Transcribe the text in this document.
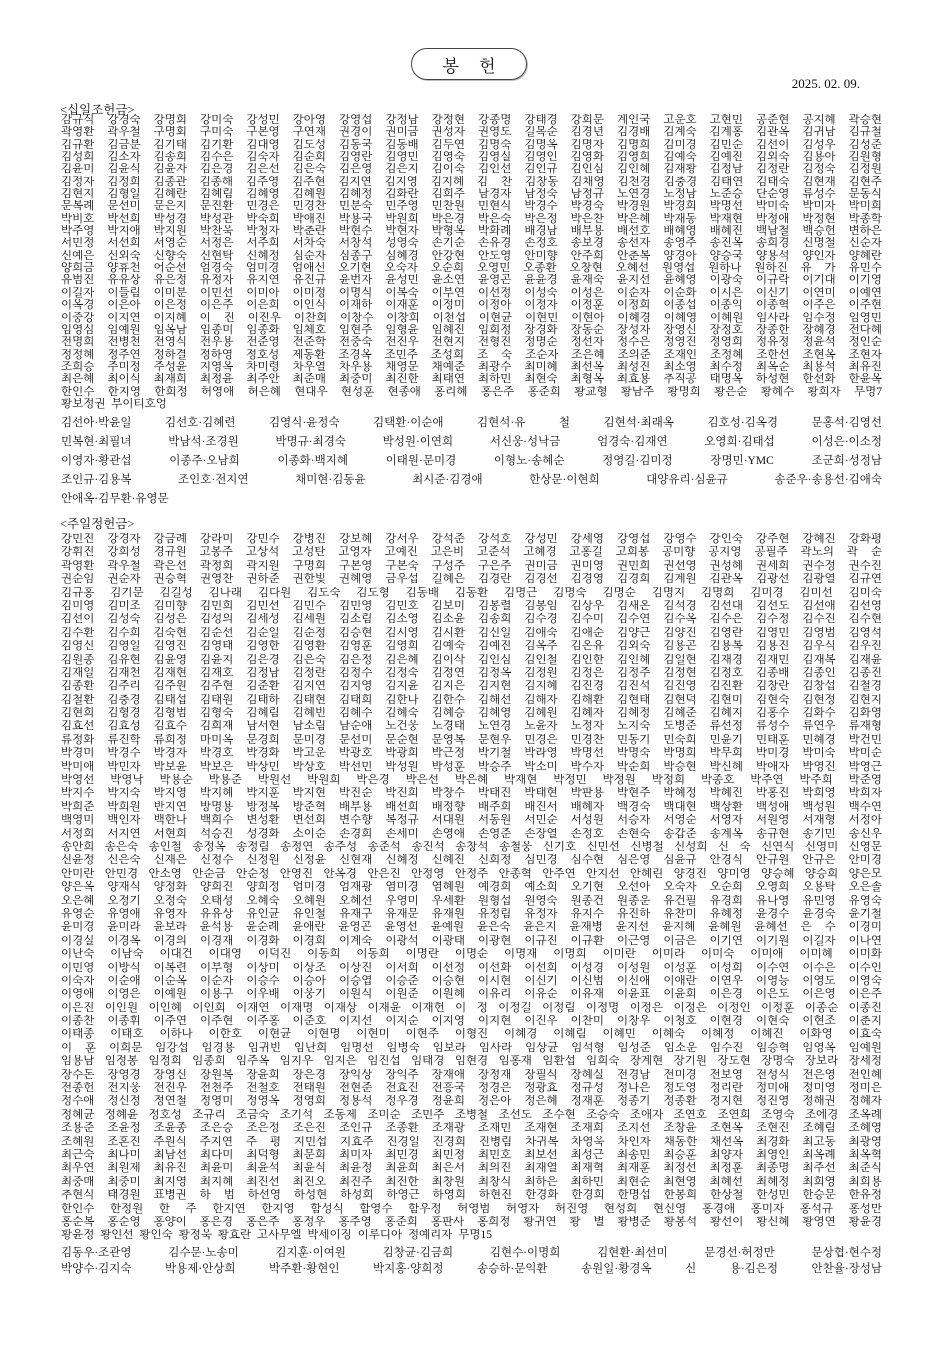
봉 헌
2025. 02. 09.
<십일조헌금>
감규식 강경숙 강명희 강미숙 강성민 강아영 강영섭 강정남 강정현 강종명 강태경 강희문 계인국 고운호 고현민 공준현 공지혜 곽승현
곽영환 곽우철 구명회 구미숙 구본영 구연재 권경이 권미금 권성자 권영도 길목순 김경년 김경배 김계숙 김계홍 김관옥 김귀남 김규철
김규환 김금분 김기태 김기환 김대영 김도성 김동국 김동배 김두연 김명숙 김명옥 김명자 김명희 김미경 김민순 김선이 김성우 김성준
김성희 김소자 김송희 김수은 김숙자 김순희 김영란 김영민 김영숙 김영실 김영인 김영화 김영희 김예숙 김예진 김외숙 김용아 김원형
김윤미 김윤식 김윤자 김은경 김은선 김은숙 김은영 김은지 김이숙 김인선 김인규 김인심 김인혜 김재황 김정남 김정란 김정숙 김정원
김정자 김정희 김종관 김종해 김주영 김주현 김지연 김지영 김지혜 김 찬 김창동 김채영 김천경 김충경 김태연 김태숙 김현재 김현주
김현지 김형일 김혜란 김혜림 김혜영 김혜원 김혜정 김화란 김희주 남경자 남정숙 남정규 노연경 노정남 노준승 단순영 류성수 문동식
문복례 문선미 문은지 문진환 민경은 민경찬 민분숙 민주영 민찬원 민현식 박경수 박경숙 박경원 박경희 박명선 박미숙 박미자 박미희
박비호 박선희 박성경 박성관 박숙희 박애진 박용국 박원희 박은경 박은숙 박은정 박은찬 박은혜 박재동 박재현 박정애 박정현 박종학
박주영 박지애 박지원 박찬욱 박청자 박춘란 박현수 박현자 박형옥 박화례 배경남 배부용 배선호 배혜영 배혜진 백남철 백승헌 변하은
서민정 서선희 서영순 서정은 서주희 서차숙 서창석 성영숙 손기순 손유경 손정호 송보경 송선자 송영주 송진옥 송희경 신명철 신순자
신예은 신외숙 신향숙 신현탁 신혜정 심순자 심종구 심혜경 안강현 안도영 안미향 안주희 안춘복 양경아 양승국 양용석 양인자 양혜란
양희금 양휴천 어순선 엄경숙 엄미경 엄애신 오기현 오숙자 오순희 오영민 오종환 오창현 오혜선 원영섭 원하나 원하진 유 가 유민수
유범진 유유상 유은정 유정자 유지연 유진규 윤번자 윤성민 윤소연 윤영곤 윤윤경 윤재숙 윤지선 윤혜영 이광숙 이규락 이기대 이기영
이길자 이들림 이미분 이민선 이미아 이미정 이명식 이복숙 이부연 이선정 이성숙 이성은 이순자 이순화 이시은 이신기 이연미 이예연
이옥경 이은아 이은정 이은주 이은희 이인식 이재하 이재훈 이정미 이정아 이정자 이정훈 이정희 이종섭 이종익 이종혁 이주은 이주현
이중강 이지연 이지혜 이 진 이진우 이찬희 이창수 이창희 이천섭 이현균 이현민 이현아 이혜경 이혜영 이혜원 임사라 임수정 임영민
임영심 임예원 임옥남 임종미 임종화 임체호 임현주 임형윤 임혜진 임희정 장경화 장동순 장성자 장영신 장정호 장종한 장혜경 전다혜
전명희 전병천 전영식 전우용 전준영 전준학 전중숙 전진우 전현지 전형진 정명순 정선자 정수은 정영진 정영희 정유정 정윤석 정인순
정정혜 정주연 정하결 정하영 정호성 제동환 조경옥 조민주 조성희 조 숙 조순자 조은혜 조의준 조재인 조정혜 조한선 조현옥 조현자
조희승 주미정 주성윤 지영옥 차미령 차우열 차우용 채영문 채예준 최광수 최미혜 최선옥 최성진 최소영 최수정 최옥순 최용석 최유진
최은혜 최이식 최재희 최정윤 최주안 최준매 최중미 최진한 최태연 최하민 최현숙 최형옥 최효용 추직공 태명옥 하성현 한선화 한윤옥
한인수 한지영 한희정 허영애 허은혜 현대우 현성훈 현종애 홍리혜 홍은주 홍준희 황교형 황남주 황명희 황은순 황혜수 황희자 무명7
황보정권 부이티호엉
김선아·박윤일 김선호·김혜련 김영식·윤정숙 김택환·이순애 김현석·유 철 김현석·최래옥 김호성·김옥경 문홍석·김영선
민복현·최필녀 박남석·조경원 박명규·최경숙 박성원·이연희 서신웅·성낙금 엄경숙·김재연 오영희·김태섭 이성은·이소정
이영자·황관섭 이종주·오남희 이종화·백지혜 이태원·문미경 이형노·송혜순 정영길·김미정 장명민·YMC 조군희·성정남
조인규·김용복 조인호·전지연 채미현·김동윤 최시준·김경애 한상문·이현희 대양유리·심윤규 송준우·송용선·김애숙
안애옥·김무환·유영문
<주일정헌금>
강민진 강경자 강금례 강라미 강민수 강병진 강보혜 강서우 강석준 강석호 강성민 강세영 강영섭 강영수 강인숙 강주현 강혜진 강화평
강휘진 강희성 경규원 고봉주 고상석 고성탄 고영자 고예진 고은비 고준석 고혜경 고홍길 고희봉 공미향 공지영 공필주 곽노의 곽 순
곽영환 곽우철 곽은선 곽정희 곽지원 구명희 구본영 구본숙 구성주 구은주 권미금 권미영 권민희 권선영 권성혜 권세희 권수정 권수진
권순임 권순자 권승혁 권영찬 권하준 권한빛 권혜영 금우섭 길혜은 김경란 김경선 김경영 김경희 김계원 김관옥 김광선 김광열 김규연
김규홍 김기문 김길성 김나래 김다원 김도숙 김도형 김동배 김동환 김명근 김명숙 김명순 김명지 김명희 김미경 김미선 김미숙
김미영 김미조 김미향 김민희 김민선 김민수 김민영 김민호 김보미 김봉렬 김봉임 김상우 김새온 김석경 김선대 김선도 김선애 김선영
김선이 김성숙 김성은 김성의 김세성 김세원 김소림 김소영 김소윤 김송희 김수경 김수미 김수연 김수옥 김수은 김수정 김수진 김수현
김수환 김수희 김숙현 김순선 김순일 김순정 김승현 김시영 김시환 김신일 김애숙 김애순 김양근 김양진 김영란 김영민 김영범 김영석
김영신 김영일 김영진 김영태 김영한 김영환 김영훈 김영희 김예숙 김예진 김옥주 김온유 김외숙 김용곤 김용복 김용진 김우식 김우진
김원종 김유현 김윤영 김윤지 김은경 김은숙 김은정 김은혜 김이삭 김인심 김인철 김인한 김인혜 김일현 김재경 김재민 김재복 김재윤
김재일 김재천 김재현 김재호 김정남 김정란 김정수 김정숙 김정연 김정옥 김정원 김정은 김정주 김정현 김정호 김종배 김종인 김종진
김종환 김주리 김주원 김주현 김준환 김지연 김지영 김지윤 김지은 김지현 김지혜 김진경 김진석 김진영 김진환 김창란 김창섭 김철경
김철환 김충경 김태섭 김태원 김태하 김태현 김태희 김한나 김한수 김해선 김해자 김해환 김현태 김현덕 김현미 김현숙 김현정 김현지
김현희 김형경 김형범 김형숙 김혜림 김혜빈 김혜수 김혜숙 김혜승 김혜영 김혜원 김혜자 김혜정 김혜준 김혜지 김홍수 김화수 김화영
김효선 김효성 김효수 김희재 남서현 남소림 남순애 노건웅 노경태 노연경 노윤자 노정자 노지숙 도병준 류선정 류성수 류연우 류재형
류정화 류진학 류희정 마미옥 문경희 문미경 문선미 문순현 문영복 문현우 민경은 민경찬 민동기 민숙희 민윤기 민태훈 민혜경 박건민
박경미 박경수 박경자 박경호 박경화 박고운 박광호 박광희 박근정 박기철 박라영 박명선 박명숙 박명희 박무희 박미경 박미숙 박미순
박미애 박민자 박보윤 박보은 박상민 박상호 박선민 박성원 박성훈 박승주 박소미 박수자 박순희 박승현 박신혜 박애자 박영진 박영근
박영선 박영낙 박용순 박용준 박원선 박원희 박은경 박은선 박은혜 박재현 박정민 박정원 박정희 박종호 박주연 박주희 박준영
박지수 박지숙 박지영 박지혜 박지훈 박지현 박진순 박진희 박창수 박태진 박태현 박판용 박현주 박혜정 박혜진 박홍진 박희영 박희자
박희준 박희원 반지연 방명용 방정복 방준혁 배부용 배선희 배정향 배주희 배진서 배혜자 백경숙 백대현 백상환 백성애 백성원 백수연
백영미 백인자 백한나 백희수 변성환 변선희 변수향 복정규 서대원 서동원 서민순 서성원 서승자 서영순 서영자 서원영 서재형 서정아
서정희 서지연 서현희 석승진 성경화 소이순 손경희 손세미 손영애 손영준 손장열 손정호 손현숙 송갑준 송계옥 송규현 송기민 송신우
송안희 송은숙 송인철 송정옥 송정림 송정연 송주성 송준석 송진석 송창석 송철웅 신기호 신민선 신병철 신성희 신 숙 신연식 신영미 신영문
신윤정 신은숙 신재은 신정수 신정원 신정윤 신현재 신혜정 신혜진 신희정 심민경 심수현 심은영 심윤규 안경식 안규원 안규은 안미경
안미란 안민경 안소영 안순금 안순정 안영진 안옥경 안은진 안정영 안정주 안종혁 안주연 안지선 안혜린 양경진 양미영 양승혜 양승희 양은모
양은옥 양재식 양정화 양희진 양희정 엄미경 엄재광 염미경 염혜원 예경희 예소희 오기현 오선아 오숙자 오순희 오영희 오용탁 오은솔
오은혜 오정기 오정숙 오태성 오혜숙 오혜원 오혜선 우영미 우세환 원형섭 원영숙 원종건 원종운 유건필 유경희 유나영 유민영 유영숙
유영순 유영애 유영자 유유상 유인균 유인철 유재구 유재문 유재원 유정림 유정자 유지수 유진하 유찬미 유혜정 윤경수 윤경숙 윤기철
윤미경 윤미라 윤보라 윤석용 윤순례 윤애란 윤영곤 윤영선 윤예원 윤은숙 윤은지 윤재병 윤지선 윤지혜 윤혜원 윤혜선 은 수 이경미
이경실 이경옥 이경의 이경재 이경화 이경희 이계숙 이광석 이광태 이광현 이규진 이규환 이근영 이금은 이기연 이기원 이길자 이나연
이난숙 이남숙 이대건 이대영 이덕진 이동희 이동희 이명란 이명순 이명재 이명희 이미란 이미라 이미숙 이미애 이미혜 이미화
이민영 이방식 이복련 이부형 이상미 이상조 이상진 이서희 이선정 이선화 이선희 이성경 이성원 이성훈 이성희 이수연 이수은 이수인
이숙자 이순애 이순옥 이순자 이승수 이승아 이승엽 이승준 이승현 이시현 이신기 이신범 이신애 이애란 이연우 이영능 이영도 이영숙
이영애 이영은 이예원 이용구 이우배 이웅기 이원식 이원준 이원혜 이유리 이유순 이유재 이윤표 이윤희 이은경 이은도 이은영 이은주
이은진 이인원 이인혜 이인희 이재연 이재명 이재상 이재윤 이재헌 이 정 이정길 이정림 이정명 이정은 이정은 이정인 이정훈 이종순 이종진
이종찬 이종휘 이주연 이주현 이주홍 이준호 이지선 이지순 이지영 이지현 이진우 이찬미 이창우 이청호 이현경 이현숙 이현조 이춘지
이태종 이태호 이하나 이한호 이현균 이현명 이현미 이현주 이형진 이혜경 이혜림 이혜민 이혜숙 이혜정 이혜진 이화영 이효숙
이 훈 이희문 임강섭 임경용 임귀빈 임난희 임명선 임병숙 임보라 임사라 임상균 임석형 임성준 임소운 임수진 임승혁 임영옥 임예원
임용남 임정봉 임정희 임종희 임주옥 임지우 임지은 임진섭 임태경 임현경 임홍재 임환섭 임희숙 장계현 장기원 장도현 장명숙 장보라 장세정
장수돈 장영경 장영신 장원복 장윤희 장은경 장익상 장익주 장재애 장정재 장필식 장혜실 전경남 전미경 전보영 전성식 전은영 전인혜
전종헌 전지웅 전진우 전천주 전철호 전태원 전현준 전효진 전흥국 정경은 정광효 정규성 정나은 정도영 정리란 정미애 정미영 정미은
정수애 정신정 정연철 정영미 정영옥 정영희 정용석 정우경 정윤희 정은아 정은혜 정재훈 정종기 정종환 정지현 정진영 정해권 정혜자
정혜균 정혜윤 정호성 조규리 조금숙 조기석 조동제 조미순 조민주 조병철 조선도 조수현 조승숙 조애자 조연호 조연희 조영숙 조에경 조옥례
조용준 조윤정 조윤종 조은승 조은정 조은진 조인규 조종환 조재광 조재민 조재현 조재희 조지선 조창윤 조현옥 조현진 조혜림 조혜영
조혜원 조혼진 주원식 주지연 주 평 지민섭 지효주 진경일 진경희 진병림 차귀복 차영욱 차인자 채동한 채선옥 최경화 최고동 최광영
최근숙 최나미 최남선 최다미 최덕형 최문희 최미자 최민경 최민정 최민호 최보선 최성근 최송민 최승훈 최양자 최영인 최옥례 최옥혁
최우연 최원제 최유진 최윤미 최윤석 최윤식 최윤정 최윤희 최은서 최의진 최재열 최재혁 최재훈 최정선 최정훈 최종명 최주선 최준식
최중매 최중미 최지영 최지혜 최진선 최진오 최진주 최진한 최창원 최창식 최하은 최하민 최현순 최현영 최혜선 최혜정 최희영 최희용
추현식 태경원 표병권 하 범 하선영 하성현 하성희 하영근 하영희 하현진 한경화 한경희 한명섭 한봉희 한상철 한성민 한승문 한유정
한인수 한정원 한 주 한지연 한지영 함성식 함영수 함우정 허영범 허영자 허진영 현성희 현신영 홍경애 홍미자 홍석규 홍성만
홍순복 홍순영 홍양이 홍은경 홍은주 홍정우 홍주영 홍준희 홍판사 홍희정 황귀연 황 별 황병준 황봉석 황선이 황신혜 황영연 황윤경
황윤정 황인선 황인숙 황정욱 황효란 고사무엘 박세이징 이루디아 정예리자 무명15
김동우·조관영 김수문·노송미 김지훈·이여원 김창균·김금희 김현수·이명희 김현환·최선미 문경선·허정만 문상협·현수정
박양수·김지숙 박용제·안상희 박주환·황현인 박지홍·양희정 송승하·문익환 송원일·황경옥 신 용·김은정 안찬율·장성남
